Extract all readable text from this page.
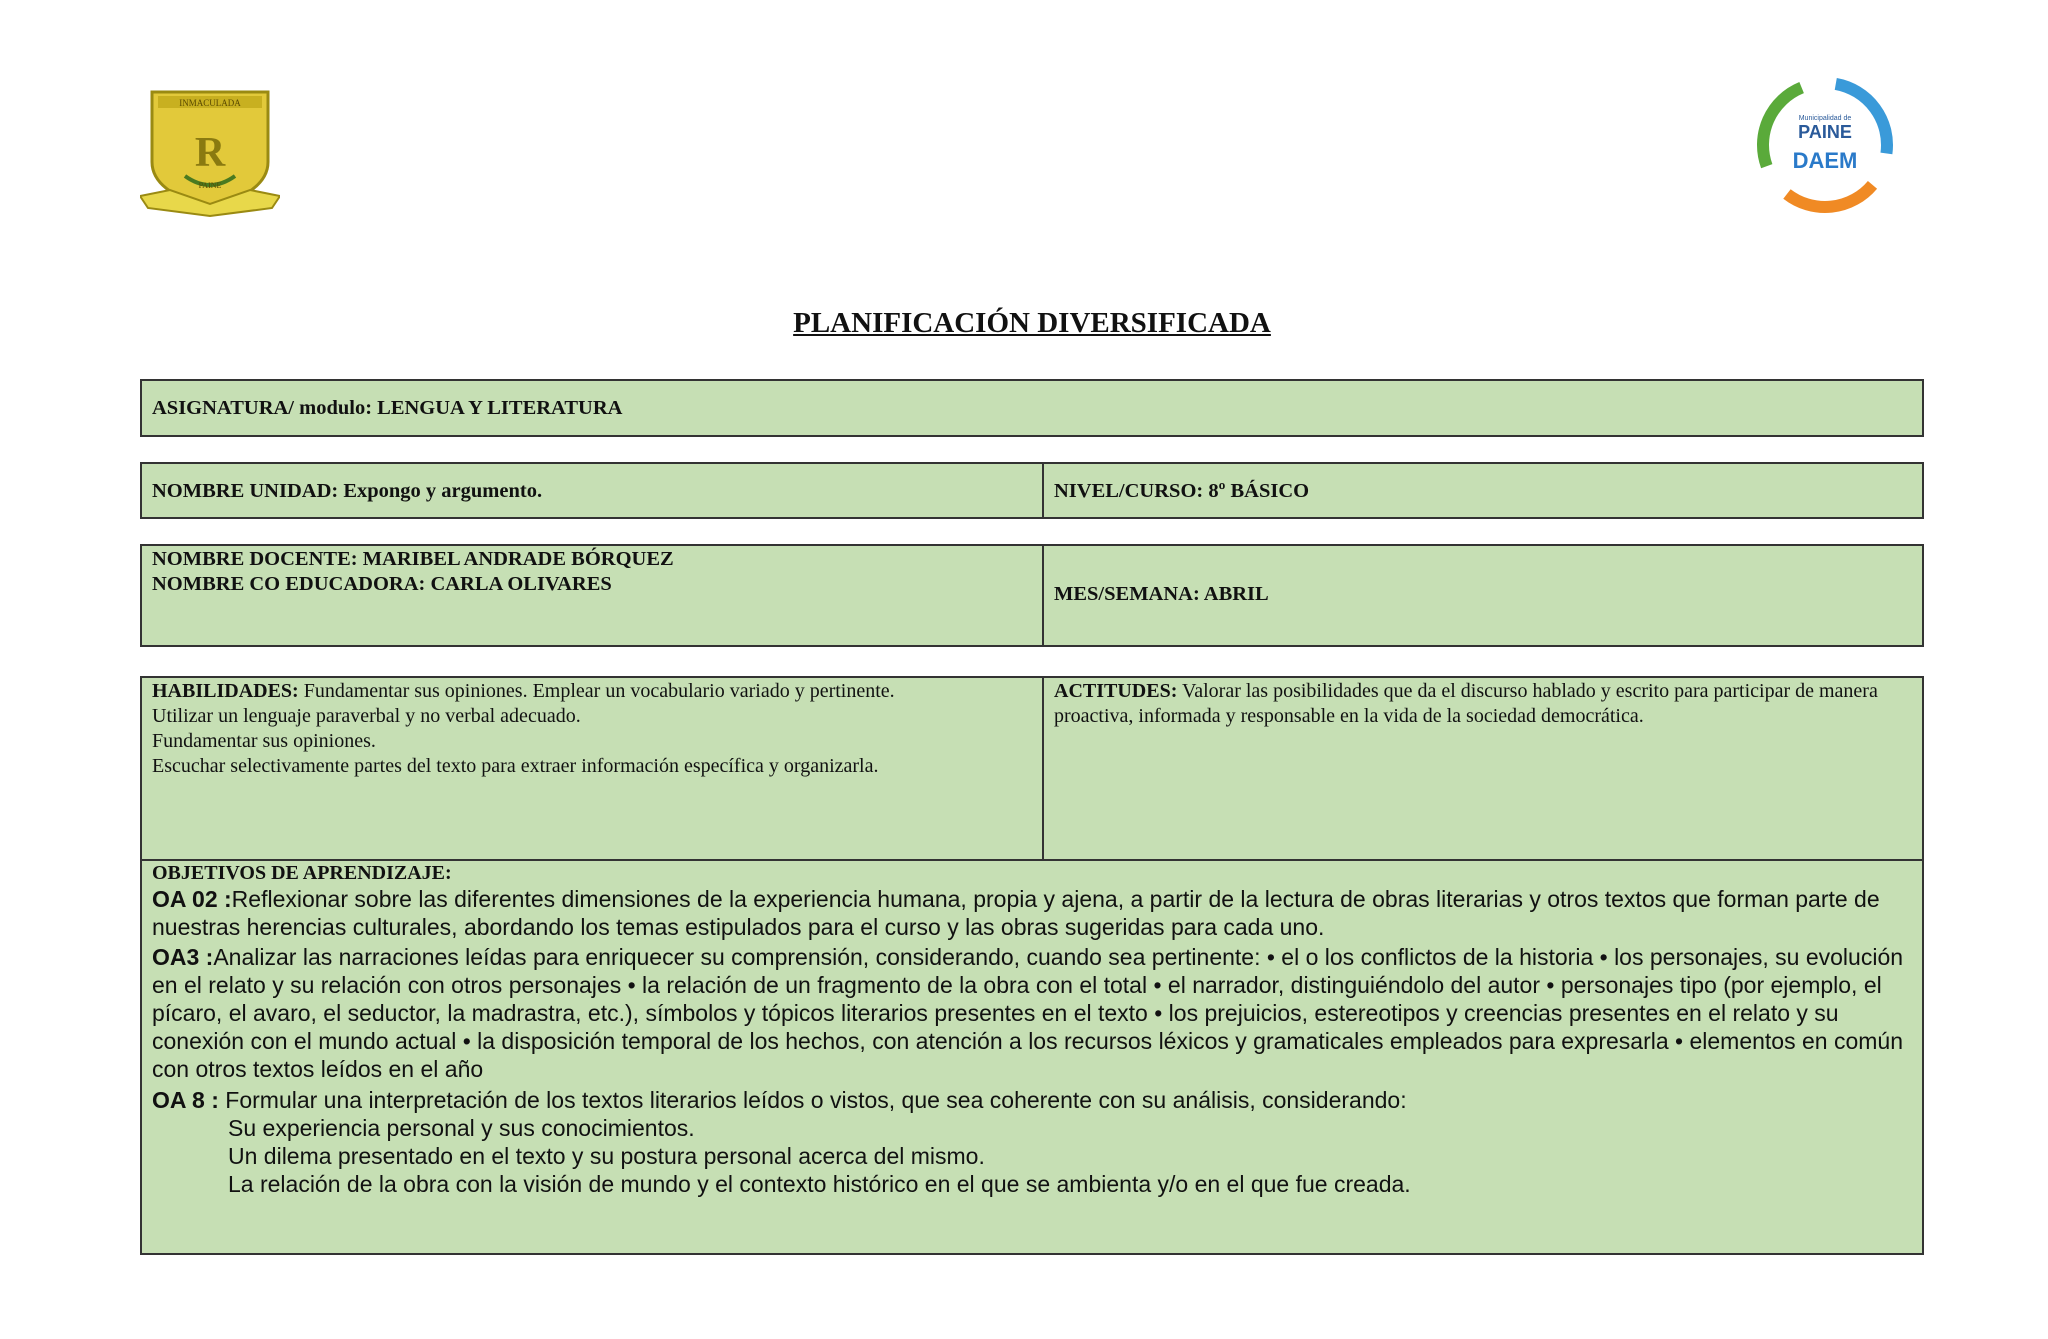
INMACULADA
R
PAINE
Municipalidad de
PAINE
DAEM
PLANIFICACIÓN DIVERSIFICADA
ASIGNATURA/ modulo: LENGUA Y LITERATURA
NOMBRE UNIDAD: Expongo y argumento.	NIVEL/CURSO: 8º BÁSICO
NOMBRE DOCENTE: MARIBEL ANDRADE BÓRQUEZ
NOMBRE CO EDUCADORA: CARLA OLIVARES	MES/SEMANA: ABRIL
HABILIDADES: Fundamentar sus opiniones. Emplear un vocabulario variado y pertinente.
Utilizar un lenguaje paraverbal y no verbal adecuado.
Fundamentar sus opiniones.
Escuchar selectivamente partes del texto para extraer información específica y organizarla.
ACTITUDES: Valorar las posibilidades que da el discurso hablado y escrito para participar de manera proactiva, informada y responsable en la vida de la sociedad democrática.
OBJETIVOS DE APRENDIZAJE:

OA 02 :Reflexionar sobre las diferentes dimensiones de la experiencia humana, propia y ajena, a partir de la lectura de obras literarias y otros textos que forman parte de nuestras herencias culturales, abordando los temas estipulados para el curso y las obras sugeridas para cada uno.

OA3 :Analizar las narraciones leídas para enriquecer su comprensión, considerando, cuando sea pertinente: • el o los conflictos de la historia • los personajes, su evolución en el relato y su relación con otros personajes • la relación de un fragmento de la obra con el total • el narrador, distinguiéndolo del autor • personajes tipo (por ejemplo, el pícaro, el avaro, el seductor, la madrastra, etc.), símbolos y tópicos literarios presentes en el texto • los prejuicios, estereotipos y creencias presentes en el relato y su conexión con el mundo actual • la disposición temporal de los hechos, con atención a los recursos léxicos y gramaticales empleados para expresarla • elementos en común con otros textos leídos en el año

OA 8 : Formular una interpretación de los textos literarios leídos o vistos, que sea coherente con su análisis, considerando:

Su experiencia personal y sus conocimientos.
Un dilema presentado en el texto y su postura personal acerca del mismo.
La relación de la obra con la visión de mundo y el contexto histórico en el que se ambienta y/o en el que fue creada.
